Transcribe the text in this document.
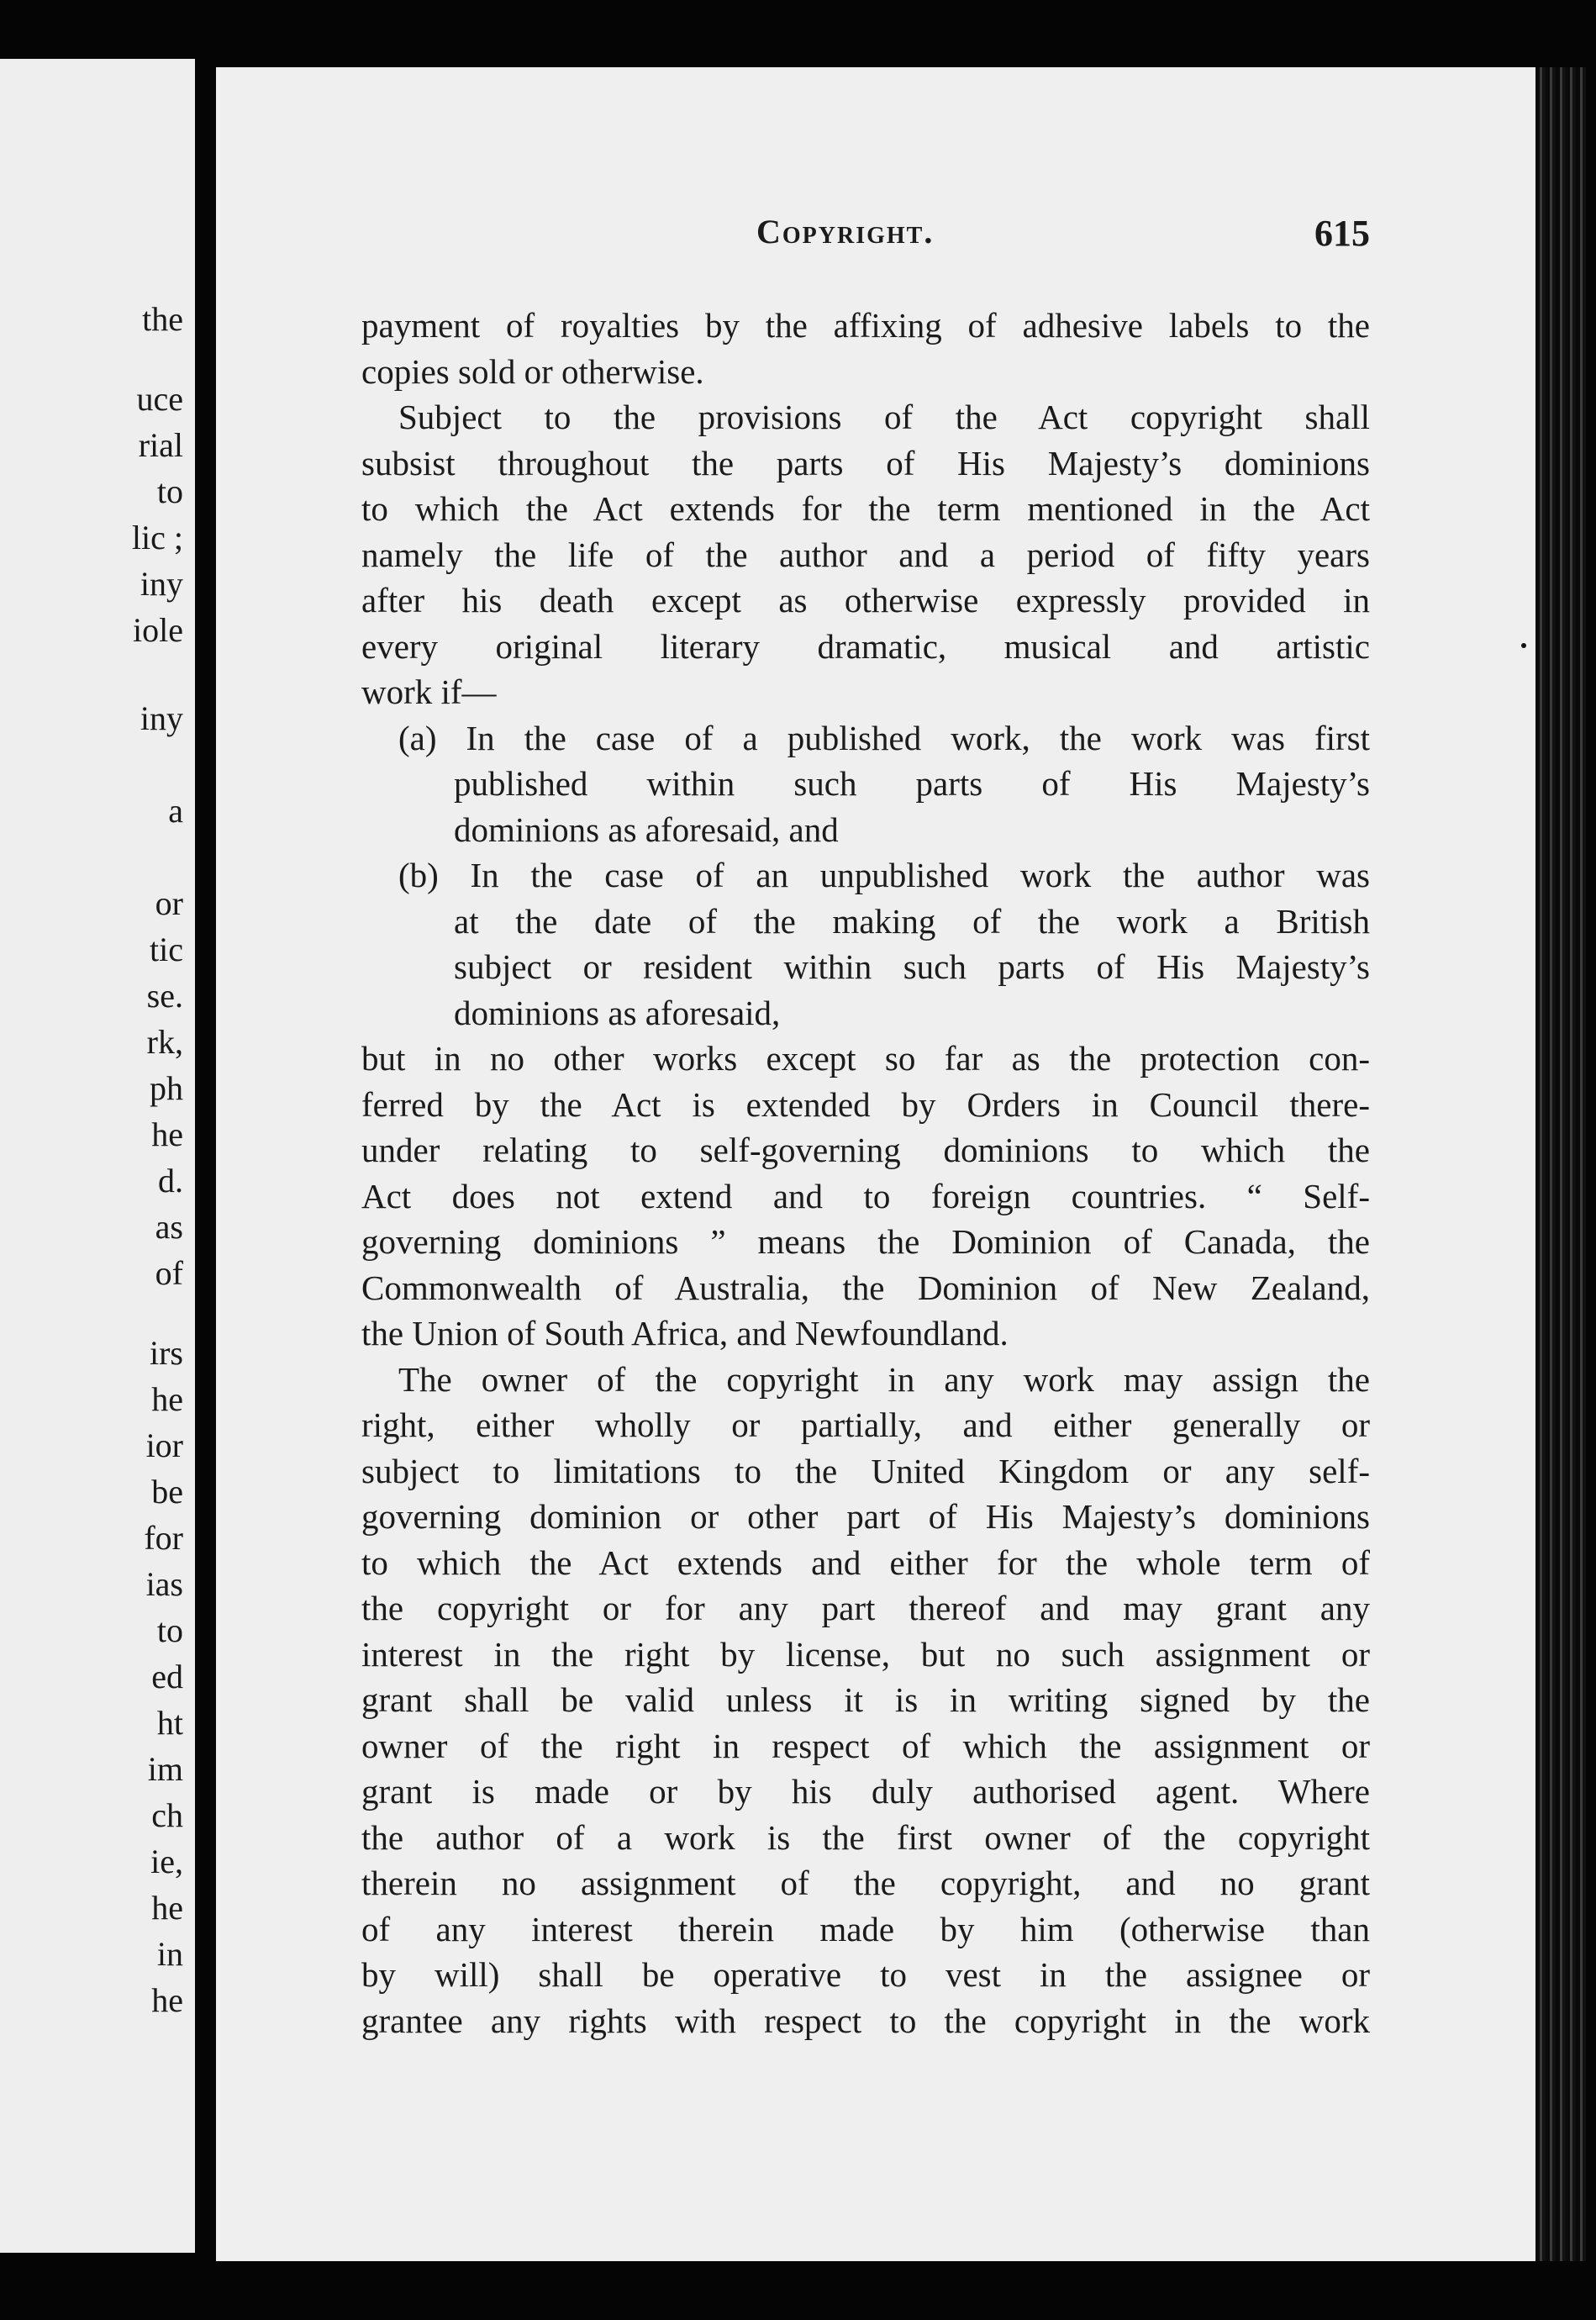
the
uce
rial
to
lic ;
iny
iole
iny
a
or
tic
se.
rk,
ph
he
d.
as
of
irs
he
ior
be
for
ias
to
ed
ht
im
ch
ie,
he
in
he
Copyright.	615
payment of royalties by the affixing of adhesive labels to the
copies sold or otherwise.
Subject to the provisions of the Act copyright shall
subsist throughout the parts of His Majesty’s dominions
to which the Act extends for the term mentioned in the Act
namely the life of the author and a period of fifty years
after his death except as otherwise expressly provided in
every original literary dramatic, musical and artistic
work if—
(a) In the case of a published work, the work was first
published within such parts of His Majesty’s
dominions as aforesaid, and
(b) In the case of an unpublished work the author was
at the date of the making of the work a British
subject or resident within such parts of His Majesty’s
dominions as aforesaid,
but in no other works except so far as the protection con-
ferred by the Act is extended by Orders in Council there-
under relating to self-governing dominions to which the
Act does not extend and to foreign countries. “ Self-
governing dominions ” means the Dominion of Canada, the
Commonwealth of Australia, the Dominion of New Zealand,
the Union of South Africa, and Newfoundland.
The owner of the copyright in any work may assign the
right, either wholly or partially, and either generally or
subject to limitations to the United Kingdom or any self-
governing dominion or other part of His Majesty’s dominions
to which the Act extends and either for the whole term of
the copyright or for any part thereof and may grant any
interest in the right by license, but no such assignment or
grant shall be valid unless it is in writing signed by the
owner of the right in respect of which the assignment or
grant is made or by his duly authorised agent. Where
the author of a work is the first owner of the copyright
therein no assignment of the copyright, and no grant
of any interest therein made by him (otherwise than
by will) shall be operative to vest in the assignee or
grantee any rights with respect to the copyright in the work
